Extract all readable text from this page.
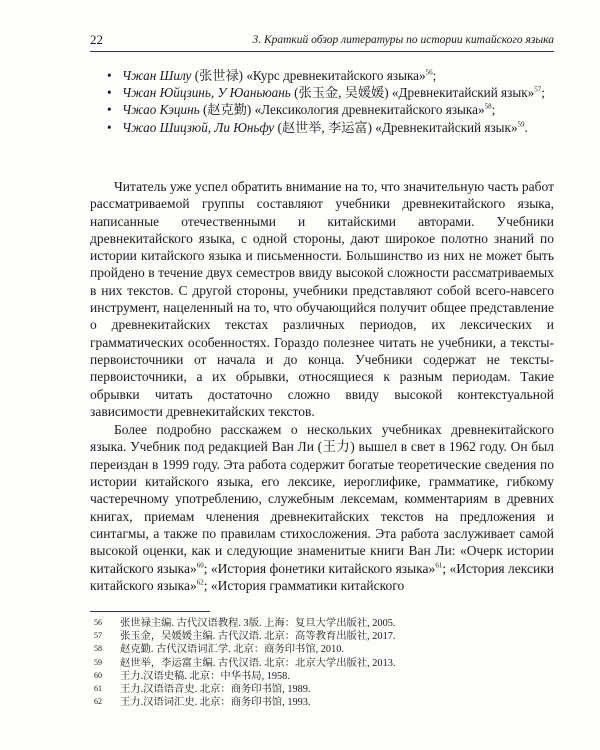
22	3. Краткий обзор литературы по истории китайского языка
• Чжан Шилу (张世禄) «Курс древнекитайского языка»$^{56}$;
• Чжан Юйцзинь, У Юаньюань (张玉金, 吴媛媛) «Древнекитайский язык»$^{57}$;
• Чжао Кэцинь (赵克勤) «Лексикология древнекитайского языка»$^{58}$;
• Чжао Шицзюй, Ли Юньфу (赵世举, 李运富) «Древнекитайский язык»$^{59}$.

Читатель уже успел обратить внимание на то, что значительную часть работ рассматриваемой группы составляют учебники древнекитайского языка, написанные отечественными и китайскими авторами. Учебники древнекитайского языка, с одной стороны, дают широкое полотно знаний по истории китайского языка и письменности. Большинство из них не может быть пройдено в течение двух семестров ввиду высокой сложности рассматриваемых в них текстов. С другой стороны, учебники представляют собой всего-навсего инструмент, нацеленный на то, что обучающийся получит общее представление о древнекитайских текстах различных периодов, их лексических и грамматических особенностях. Гораздо полезнее читать не учебники, а тексты-первоисточники от начала и до конца. Учебники содержат не тексты-первоисточники, а их обрывки, относящиеся к разным периодам. Такие обрывки читать достаточно сложно ввиду высокой контекстуальной зависимости древнекитайских текстов.

Более подробно расскажем о нескольких учебниках древнекитайского языка. Учебник под редакцией Ван Ли (王力) вышел в свет в 1962 году. Он был переиздан в 1999 году. Эта работа содержит богатые теоретические сведения по истории китайского языка, его лексике, иероглифике, грамматике, гибкому частеречному употреблению, служебным лексемам, комментариям в древних книгах, приемам членения древнекитайских текстов на предложения и синтагмы, а также по правилам стихосложения. Эта работа заслуживает самой высокой оценки, как и следующие знаменитые книги Ван Ли: «Очерк истории китайского языка»$^{60}$; «История фонетики китайского языка»$^{61}$; «История лексики китайского языка»$^{62}$; «История грамматики китайского

56 张世禄主编. 古代汉语教程. 3版. 上海：复旦大学出版社, 2005.
57 张玉金，吴媛媛主编. 古代汉语. 北京：高等教育出版社, 2017.
58 赵克勤. 古代汉语词汇学. 北京：商务印书馆, 2010.
59 赵世举，李运富主编. 古代汉语. 北京：北京大学出版社, 2013.
60 王力.汉语史稿. 北京：中华书局, 1958.
61 王力.汉语语音史. 北京：商务印书馆, 1989.
62 王力.汉语词汇史. 北京：商务印书馆, 1993.
